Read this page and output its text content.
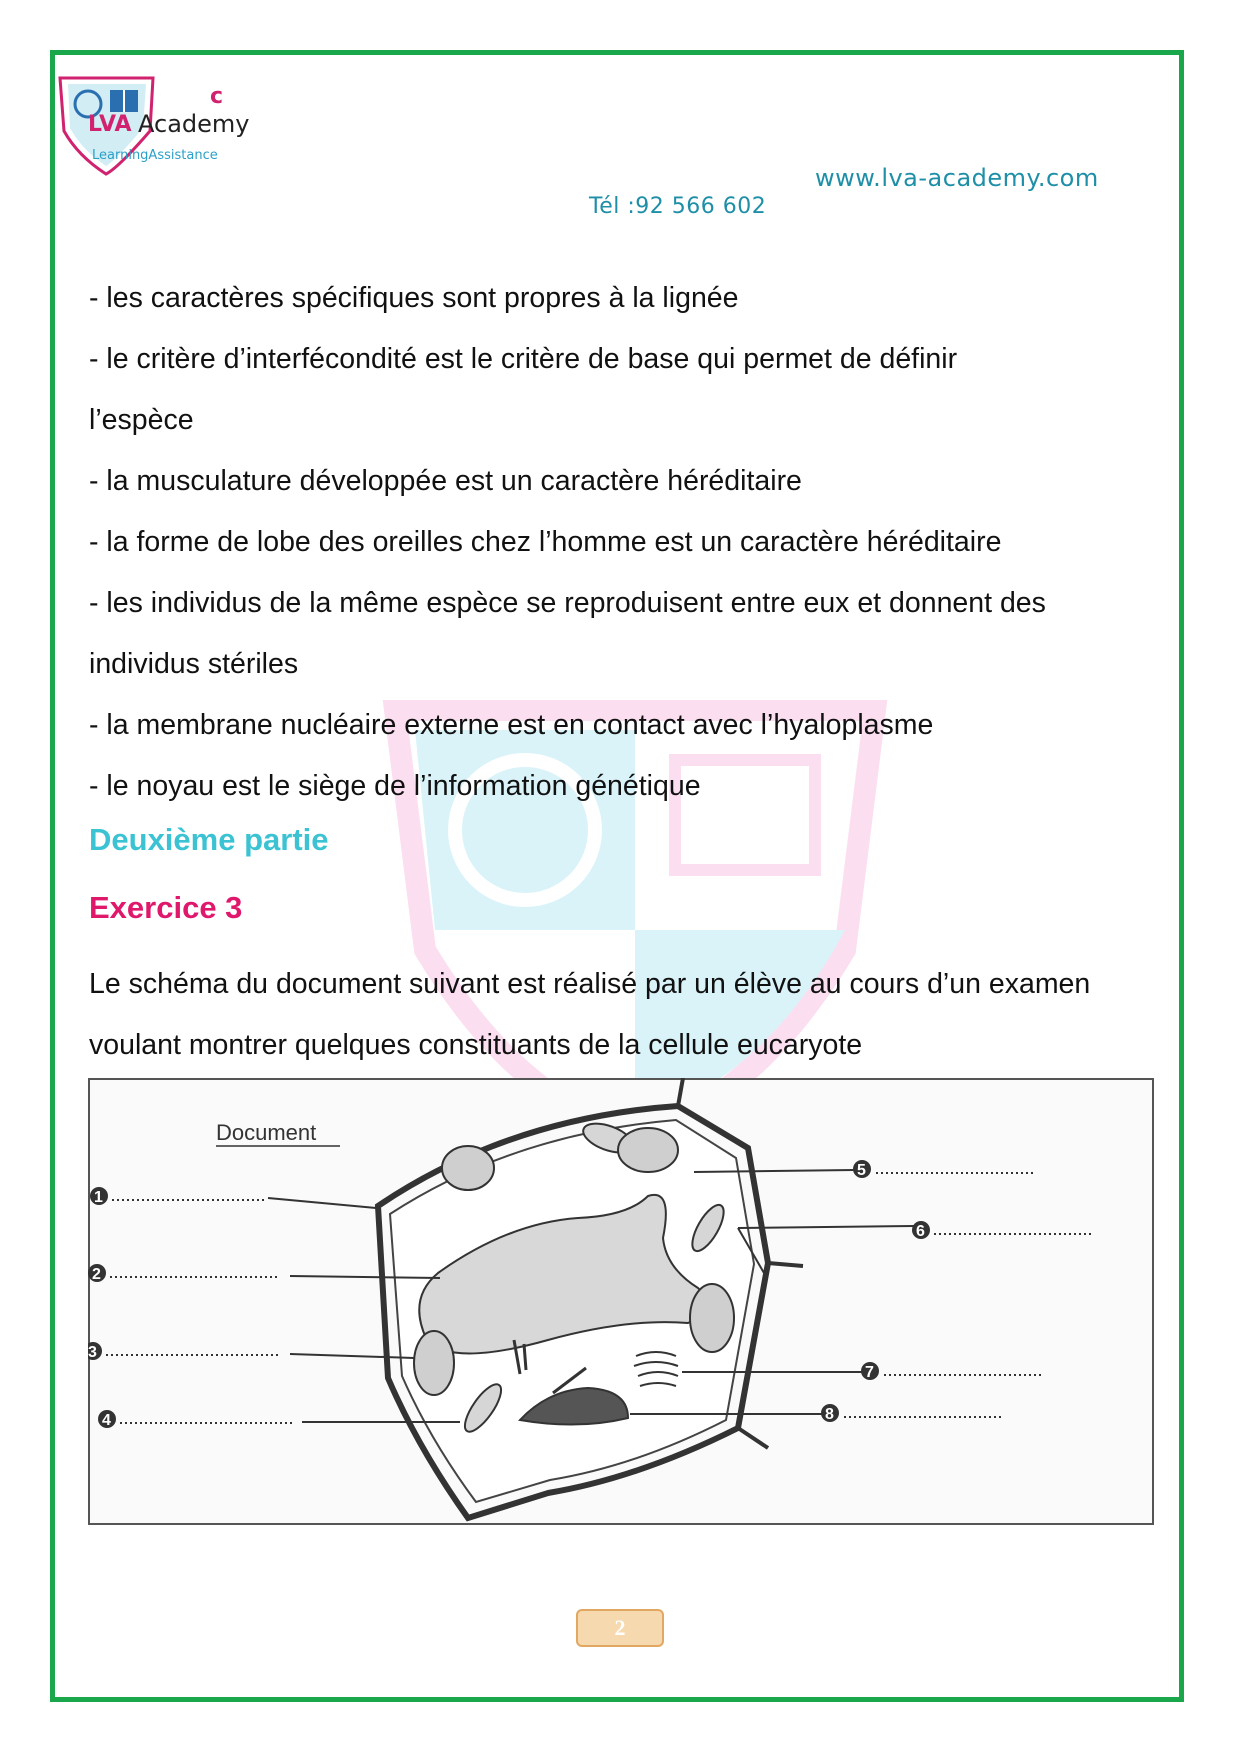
c
LVA Academy
LearningAssistance
www.lva-academy.com
Tél :92 566 602

- les caractères spécifiques sont propres à la lignée

- le critère d’interfécondité est le critère de base qui permet de définir

l’espèce

- la musculature développée est un caractère héréditaire

- la forme de lobe des oreilles chez l’homme est un caractère héréditaire

- les individus de la même espèce se reproduisent entre eux et donnent des

individus stériles

- la membrane nucléaire externe est en contact avec l’hyaloplasme

- le noyau est le siège de l’information génétique

Deuxième partie
Exercice 3

Le schéma du document suivant est réalisé par un élève au cours d’un examen

voulant montrer quelques constituants de la cellule eucaryote

Document
1
2
3
4
5
6
7
8
2
